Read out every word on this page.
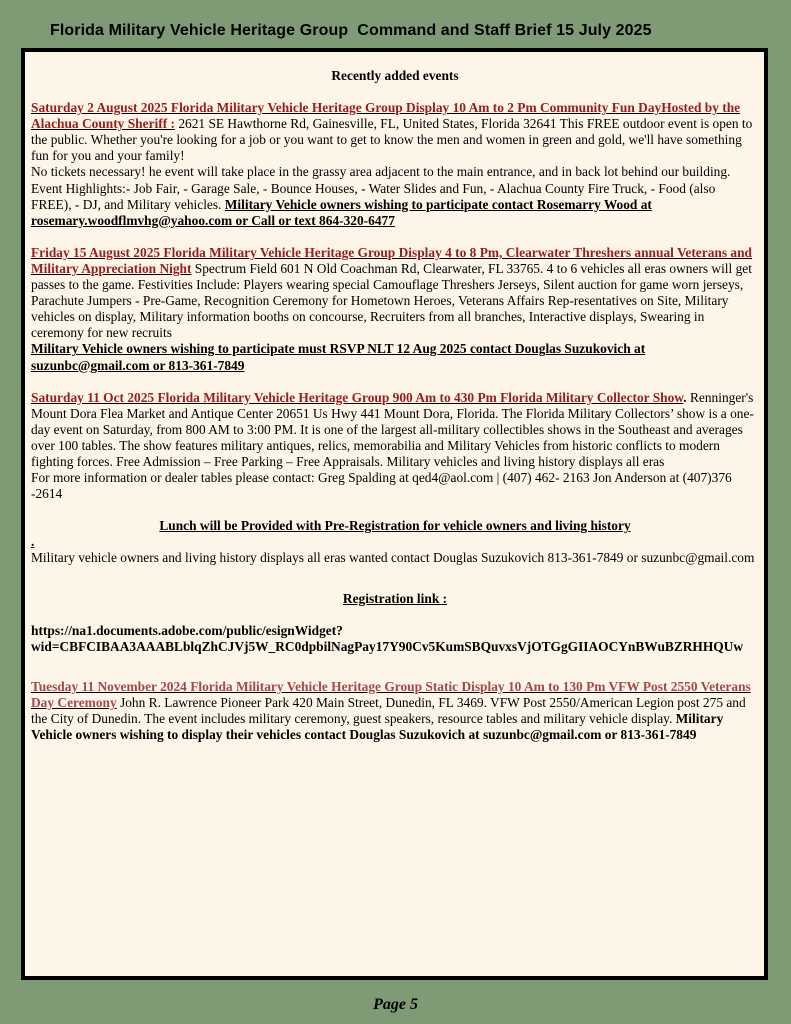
Florida Military Vehicle Heritage Group  Command and Staff Brief 15 July 2025

Recently added events

Saturday 2 August 2025 Florida Military Vehicle Heritage Group Display 10 Am to 2 Pm Community Fun DayHosted by the Alachua County Sheriff : 2621 SE Hawthorne Rd, Gainesville, FL, United States, Florida 32641 This FREE outdoor event is open to the public. Whether you're looking for a job or you want to get to know the men and women in green and gold, we'll have something fun for you and your family!

No tickets necessary! he event will take place in the grassy area adjacent to the main entrance, and in back lot behind our building. Event Highlights:- Job Fair, - Garage Sale, - Bounce Houses, - Water Slides and Fun, - Alachua County Fire Truck, - Food (also FREE), - DJ, and Military vehicles. Military Vehicle owners wishing to participate contact Rosemarry Wood at rosemary.woodflmvhg@yahoo.com or Call or text 864-320-6477

Friday 15 August 2025 Florida Military Vehicle Heritage Group Display 4 to 8 Pm, Clearwater Threshers annual Veterans and Military Appreciation Night Spectrum Field 601 N Old Coachman Rd, Clearwater, FL 33765. 4 to 6 vehicles all eras owners will get passes to the game. Festivities Include: Players wearing special Camouflage Threshers Jerseys, Silent auction for game worn jerseys, Parachute Jumpers - Pre-Game, Recognition Ceremony for Hometown Heroes, Veterans Affairs Rep-resentatives on Site, Military vehicles on display, Military information booths on concourse, Recruiters from all branches, Interactive displays, Swearing in ceremony for new recruits

Military Vehicle owners wishing to participate must RSVP NLT 12 Aug 2025 contact Douglas Suzukovich at suzunbc@gmail.com or 813-361-7849

Saturday 11 Oct 2025 Florida Military Vehicle Heritage Group 900 Am to 430 Pm Florida Military Collector Show. Renninger's Mount Dora Flea Market and Antique Center 20651 Us Hwy 441 Mount Dora, Florida. The Florida Military Collectors’ show is a one-day event on Saturday, from 800 AM to 3:00 PM. It is one of the largest all-military collectibles shows in the Southeast and averages over 100 tables. The show features military antiques, relics, memorabilia and Military Vehicles from historic conflicts to modern fighting forces. Free Admission – Free Parking – Free Appraisals. Military vehicles and living history displays all eras

For more information or dealer tables please contact: Greg Spalding at qed4@aol.com | (407) 462- 2163 Jon Anderson at (407)376 -2614

Lunch will be Provided with Pre-Registration for vehicle owners and living history

.

Military vehicle owners and living history displays all eras wanted contact Douglas Suzukovich 813-361-7849 or suzunbc@gmail.com

Registration link :

https://na1.documents.adobe.com/public/esignWidget?wid=CBFCIBAA3AAABLblqZhCJVj5W_RC0dpbilNagPay17Y90Cv5KumSBQuvxsVjOTGgGIIAOCYnBWuBZRHHQUw

Tuesday 11 November 2024 Florida Military Vehicle Heritage Group Static Display 10 Am to 130 Pm VFW Post 2550 Veterans Day Ceremony John R. Lawrence Pioneer Park 420 Main Street, Dunedin, FL 3469. VFW Post 2550/American Legion post 275 and the City of Dunedin. The event includes military ceremony, guest speakers, resource tables and military vehicle display. Military Vehicle owners wishing to display their vehicles contact Douglas Suzukovich at suzunbc@gmail.com or 813-361-7849

Page 5
